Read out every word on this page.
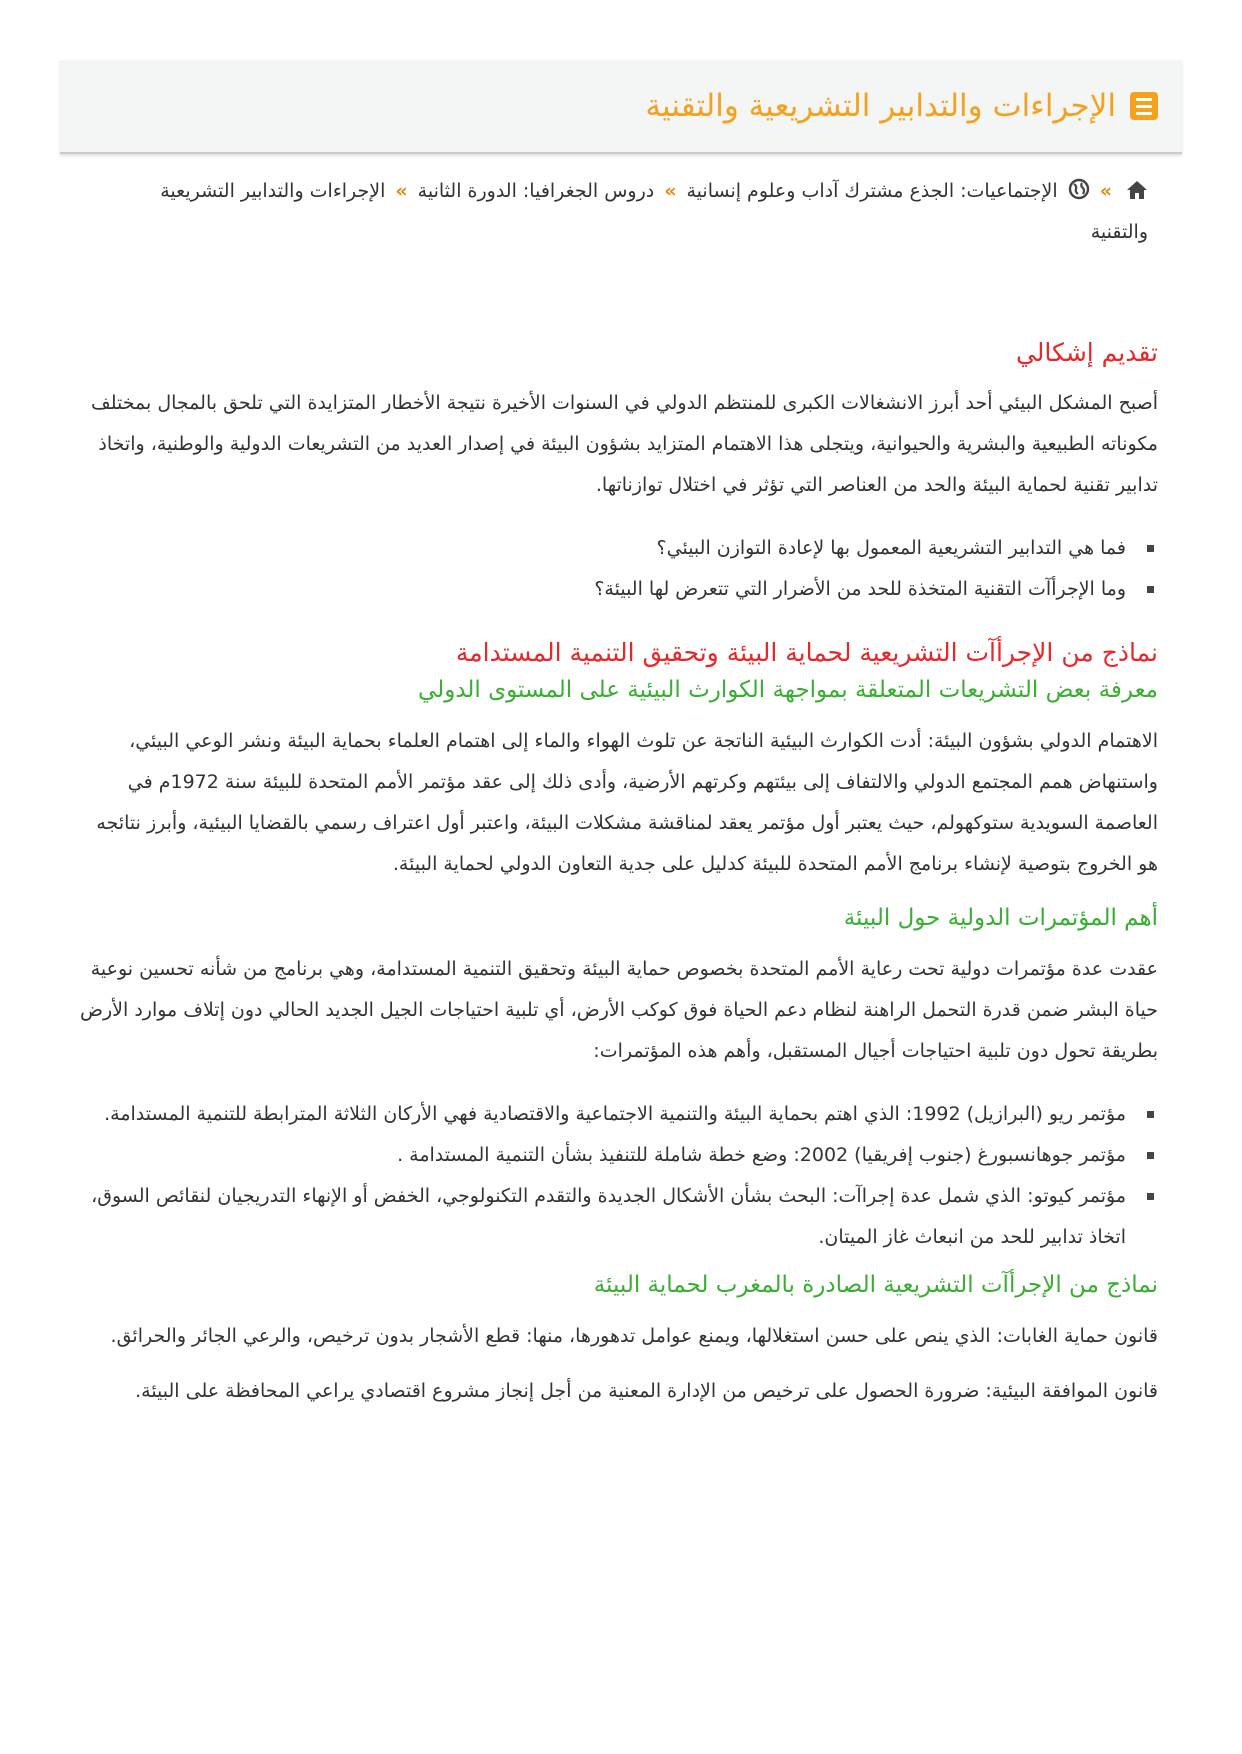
الإجراءات والتدابير التشريعية والتقنية
» الإجتماعيات: الجذع مشترك آداب وعلوم إنسانية»دروس الجغرافيا: الدورة الثانية»الإجراءات والتدابير التشريعية والتقنية
تقديم إشكالي

أصبح المشكل البيئي أحد أبرز الانشغالات الكبرى للمنتظم الدولي في السنوات الأخيرة نتيجة الأخطار المتزايدة التي تلحق بالمجال بمختلف مكوناته الطبيعية والبشرية والحيوانية، ويتجلى هذا الاهتمام المتزايد بشؤون البيئة في إصدار العديد من التشريعات الدولية والوطنية، واتخاذ تدابير تقنية لحماية البيئة والحد من العناصر التي تؤثر في اختلال توازناتها.

فما هي التدابير التشريعية المعمول بها لإعادة التوازن البيئي؟
وما الإجرأآت التقنية المتخذة للحد من الأضرار التي تتعرض لها البيئة؟
نماذج من الإجرأآت التشريعية لحماية البيئة وتحقيق التنمية المستدامة
معرفة بعض التشريعات المتعلقة بمواجهة الكوارث البيئية على المستوى الدولي

الاهتمام الدولي بشؤون البيئة: أدت الكوارث البيئية الناتجة عن تلوث الهواء والماء إلى اهتمام العلماء بحماية البيئة ونشر الوعي البيئي، واستنهاض همم المجتمع الدولي والالتفاف إلى بيئتهم وكرتهم الأرضية، وأدى ذلك إلى عقد مؤتمر الأمم المتحدة للبيئة سنة 1972م في العاصمة السويدية ستوكهولم، حيث يعتبر أول مؤتمر يعقد لمناقشة مشكلات البيئة، واعتبر أول اعتراف رسمي بالقضايا البيئية، وأبرز نتائجه هو الخروج بتوصية لإنشاء برنامج الأمم المتحدة للبيئة كدليل على جدية التعاون الدولي لحماية البيئة.

أهم المؤتمرات الدولية حول البيئة

عقدت عدة مؤتمرات دولية تحت رعاية الأمم المتحدة بخصوص حماية البيئة وتحقيق التنمية المستدامة، وهي برنامج من شأنه تحسين نوعية حياة البشر ضمن قدرة التحمل الراهنة لنظام دعم الحياة فوق كوكب الأرض، أي تلبية احتياجات الجيل الجديد الحالي دون إتلاف موارد الأرض بطريقة تحول دون تلبية احتياجات أجيال المستقبل، وأهم هذه المؤتمرات:

مؤتمر ريو (البرازيل) 1992: الذي اهتم بحماية البيئة والتنمية الاجتماعية والاقتصادية فهي الأركان الثلاثة المترابطة للتنمية المستدامة.
مؤتمر جوهانسبورغ (جنوب إفريقيا) 2002: وضع خطة شاملة للتنفيذ بشأن التنمية المستدامة .
مؤتمر كيوتو: الذي شمل عدة إجراآت: البحث بشأن الأشكال الجديدة والتقدم التكنولوجي، الخفض أو الإنهاء التدريجيان لنقائص السوق، اتخاذ تدابير للحد من انبعاث غاز الميتان.
نماذج من الإجرأآت التشريعية الصادرة بالمغرب لحماية البيئة

قانون حماية الغابات: الذي ينص على حسن استغلالها، ويمنع عوامل تدهورها، منها: قطع الأشجار بدون ترخيص، والرعي الجائر والحرائق.

قانون الموافقة البيئية: ضرورة الحصول على ترخيص من الإدارة المعنية من أجل إنجاز مشروع اقتصادي يراعي المحافظة على البيئة.
